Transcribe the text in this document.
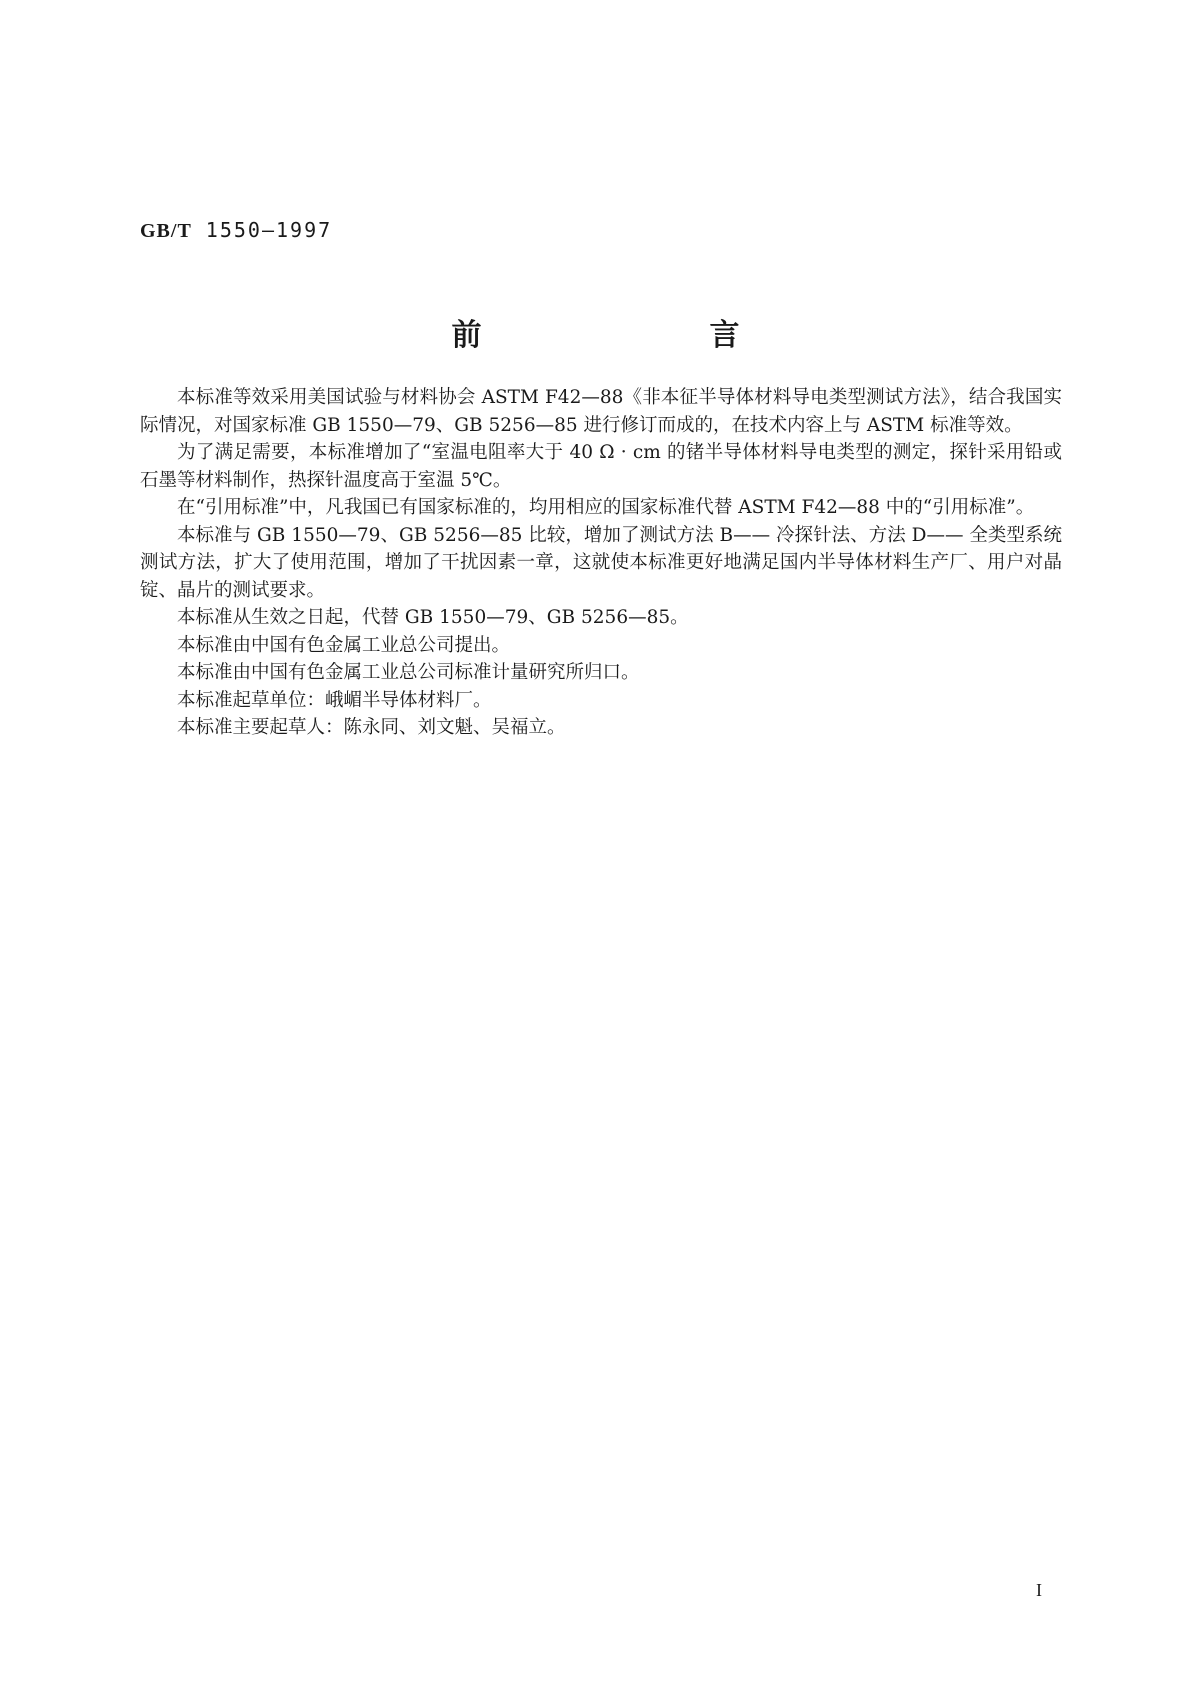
GB/T 1550—1997
前　　言

本标准等效采用美国试验与材料协会 ASTM F42—88《非本征半导体材料导电类型测试方法》，结合我国实际情况，对国家标准 GB 1550—79、GB 5256—85 进行修订而成的，在技术内容上与 ASTM 标准等效。

为了满足需要，本标准增加了“室温电阻率大于 40 Ω · cm 的锗半导体材料导电类型的测定，探针采用铅或石墨等材料制作，热探针温度高于室温 5℃。

在“引用标准”中，凡我国已有国家标准的，均用相应的国家标准代替 ASTM F42—88 中的“引用标准”。

本标准与 GB 1550—79、GB 5256—85 比较，增加了测试方法 B—— 冷探针法、方法 D—— 全类型系统测试方法，扩大了使用范围，增加了干扰因素一章，这就使本标准更好地满足国内半导体材料生产厂、用户对晶锭、晶片的测试要求。

本标准从生效之日起，代替 GB 1550—79、GB 5256—85。

本标准由中国有色金属工业总公司提出。

本标准由中国有色金属工业总公司标准计量研究所归口。

本标准起草单位：峨嵋半导体材料厂。

本标准主要起草人：陈永同、刘文魁、吴福立。

I
